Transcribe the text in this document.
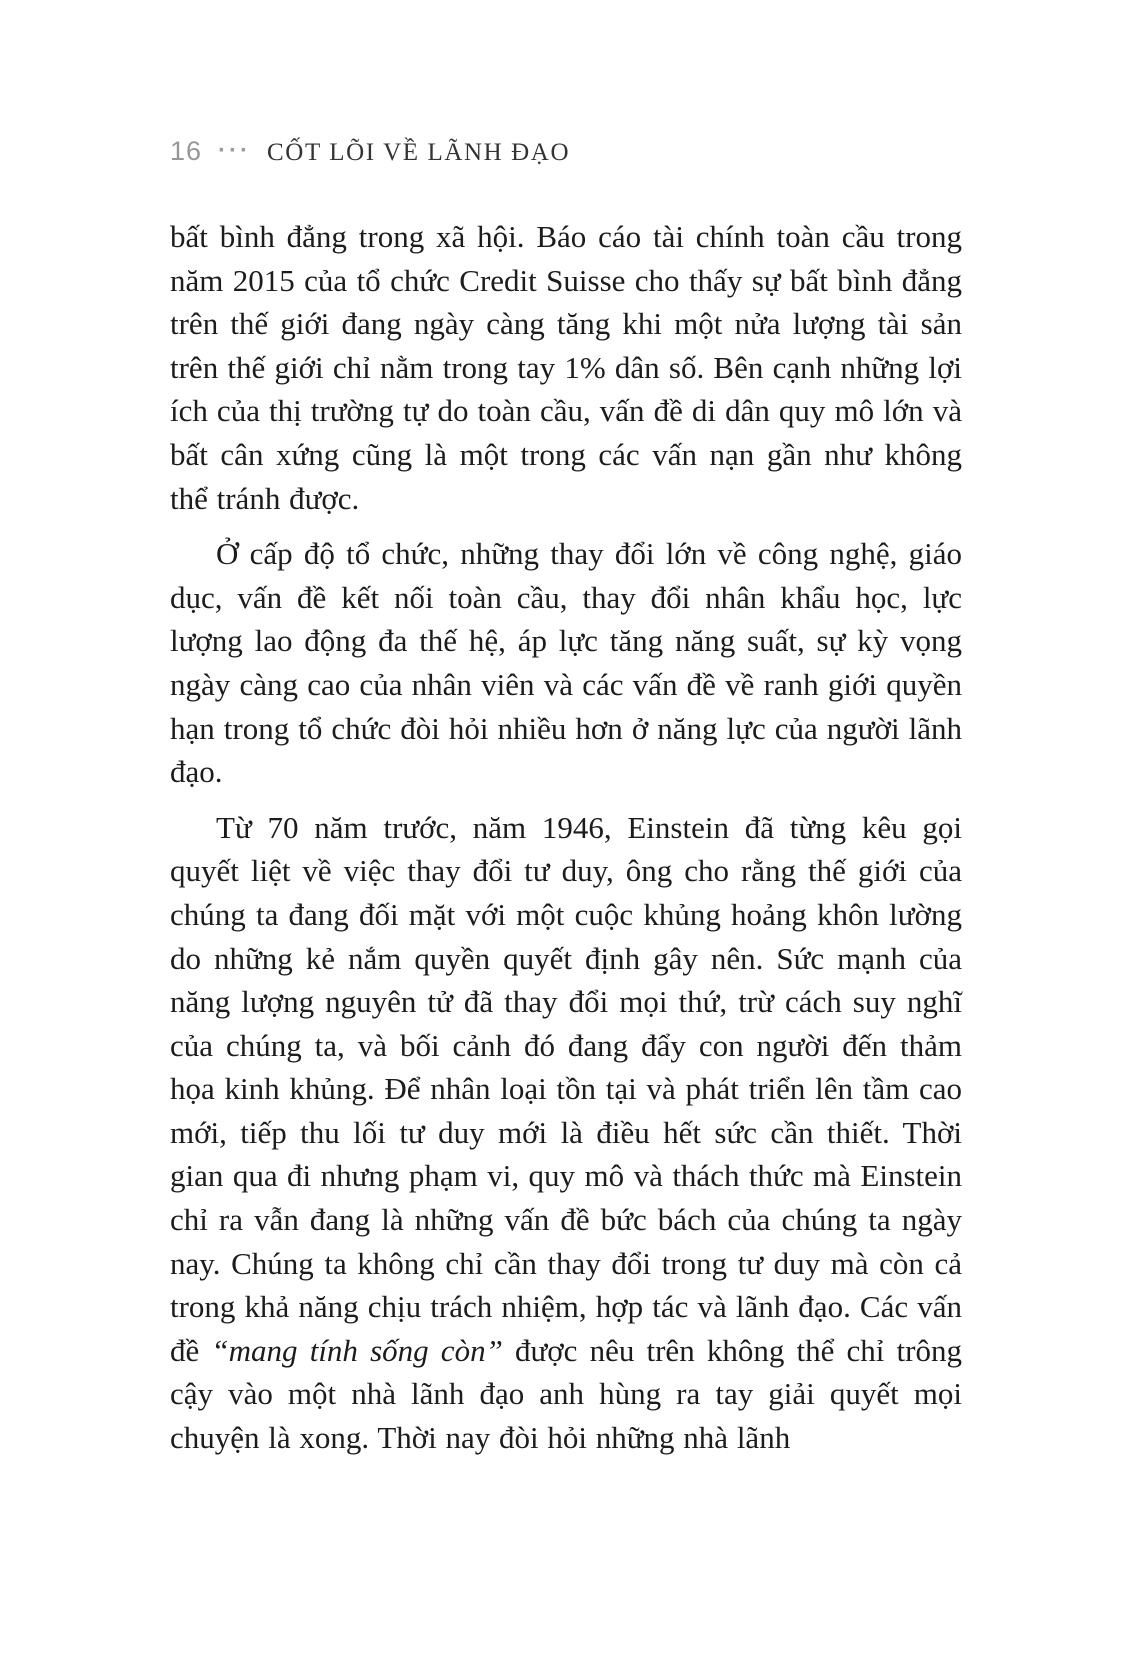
16 ··· CỐT LÕI VỀ LÃNH ĐẠO

bất bình đẳng trong xã hội. Báo cáo tài chính toàn cầu trong năm 2015 của tổ chức Credit Suisse cho thấy sự bất bình đẳng trên thế giới đang ngày càng tăng khi một nửa lượng tài sản trên thế giới chỉ nằm trong tay 1% dân số. Bên cạnh những lợi ích của thị trường tự do toàn cầu, vấn đề di dân quy mô lớn và bất cân xứng cũng là một trong các vấn nạn gần như không thể tránh được.

Ở cấp độ tổ chức, những thay đổi lớn về công nghệ, giáo dục, vấn đề kết nối toàn cầu, thay đổi nhân khẩu học, lực lượng lao động đa thế hệ, áp lực tăng năng suất, sự kỳ vọng ngày càng cao của nhân viên và các vấn đề về ranh giới quyền hạn trong tổ chức đòi hỏi nhiều hơn ở năng lực của người lãnh đạo.

Từ 70 năm trước, năm 1946, Einstein đã từng kêu gọi quyết liệt về việc thay đổi tư duy, ông cho rằng thế giới của chúng ta đang đối mặt với một cuộc khủng hoảng khôn lường do những kẻ nắm quyền quyết định gây nên. Sức mạnh của năng lượng nguyên tử đã thay đổi mọi thứ, trừ cách suy nghĩ của chúng ta, và bối cảnh đó đang đẩy con người đến thảm họa kinh khủng. Để nhân loại tồn tại và phát triển lên tầm cao mới, tiếp thu lối tư duy mới là điều hết sức cần thiết. Thời gian qua đi nhưng phạm vi, quy mô và thách thức mà Einstein chỉ ra vẫn đang là những vấn đề bức bách của chúng ta ngày nay. Chúng ta không chỉ cần thay đổi trong tư duy mà còn cả trong khả năng chịu trách nhiệm, hợp tác và lãnh đạo. Các vấn đề “mang tính sống còn” được nêu trên không thể chỉ trông cậy vào một nhà lãnh đạo anh hùng ra tay giải quyết mọi chuyện là xong. Thời nay đòi hỏi những nhà lãnh
